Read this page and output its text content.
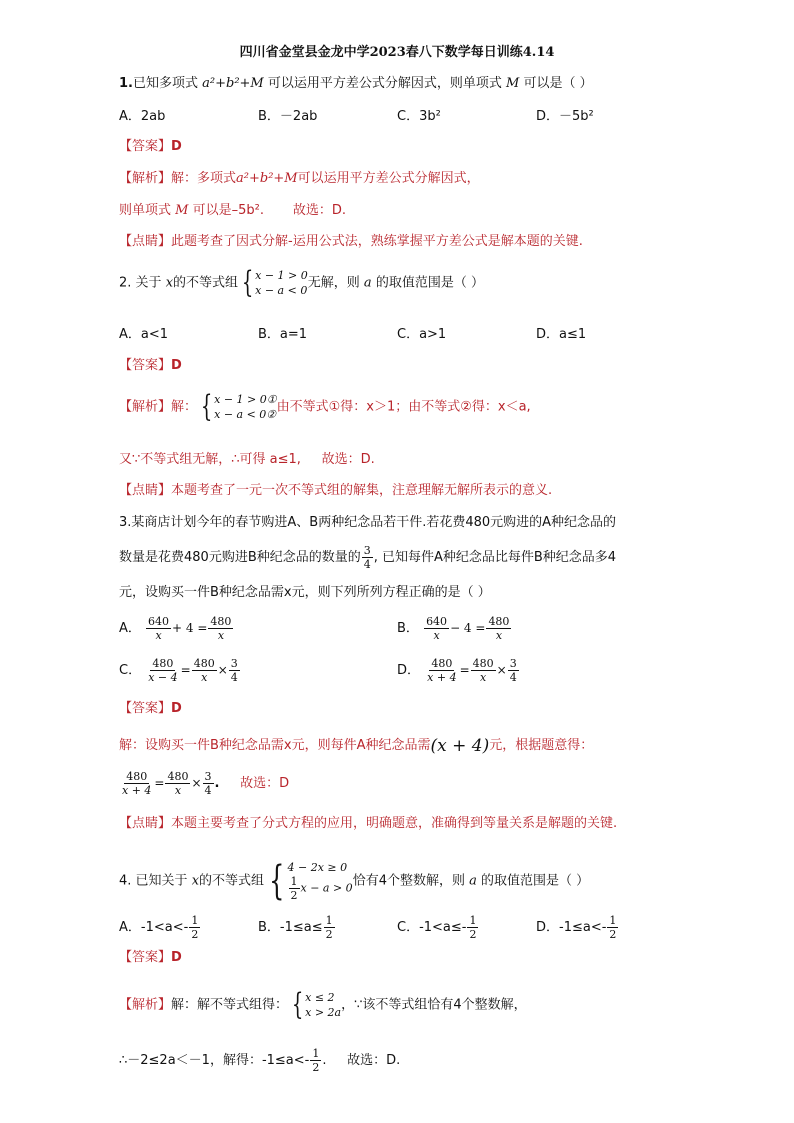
四川省金堂县金龙中学2023春八下数学每日训练4.14
1.已知多项式 a²+b²+M 可以运用平方差公式分解因式，则单项式 M 可以是（ ）
A．2ab	B．－2ab	C．3b²	D．－5b²
【答案】D
【解析】解：多项式a²+b²+M可以运用平方差公式分解因式，
则单项式 M 可以是–5b². 故选：D.
【点睛】此题考查了因式分解-运用公式法，熟练掌握平方差公式是解本题的关键.
2. 关于 x的不等式组 { x − 1 > 0
x − a < 0 无解，则 a 的取值范围是（ ）
A．a<1	B．a=1	C．a>1	D．a≤1
【答案】D
【解析】解： { x − 1 > 0①
x − a < 0② 由不等式①得：x＞1；由不等式②得：x＜a,
又∵不等式组无解，∴可得 a≤1, 故选：D.
【点睛】本题考查了一元一次不等式组的解集，注意理解无解所表示的意义.
3.某商店计划今年的春节购进A、B两种纪念品若干件.若花费480元购进的A种纪念品的
数量是花费480元购进B种纪念品的数量的 $\frac{3}{4}$ , 已知每件A种纪念品比每件B种纪念品多4
元，设购买一件B种纪念品需x元，则下列所列方程正确的是（ ）
A． $\frac{640}{x} + 4 = \frac{480}{x}$	B． $\frac{640}{x} - 4 = \frac{480}{x}$
C． $\frac{480}{x - 4} = \frac{480}{x} \times \frac{3}{4}$	D． $\frac{480}{x + 4} = \frac{480}{x} \times \frac{3}{4}$
【答案】D
解：设购买一件B种纪念品需x元，则每件A种纪念品需(x + 4)元，根据题意得：
$\frac{480}{x + 4} = \frac{480}{x} \times \frac{3}{4}$ . 故选：D
【点睛】本题主要考查了分式方程的应用，明确题意，准确得到等量关系是解题的关键.
4. 已知关于 x的不等式组 { 4 − 2x ≥ 0
$\frac{1}{2}$ x − a > 0 恰有4个整数解，则 a 的取值范围是（ ）
A．$-1<a<- \frac{1}{2}$	B．$-1\le a\le \frac{1}{2}$	C．$-1<a\le- \frac{1}{2}$	D．$-1\le a<- \frac{1}{2}$
【答案】D
【解析】解：解不等式组得： { x ≤ 2
x > 2a ，∵该不等式组恰有4个整数解，
∴－2≤2a＜－1，解得：$-1\le a<- \frac{1}{2}$ . 故选：D.
